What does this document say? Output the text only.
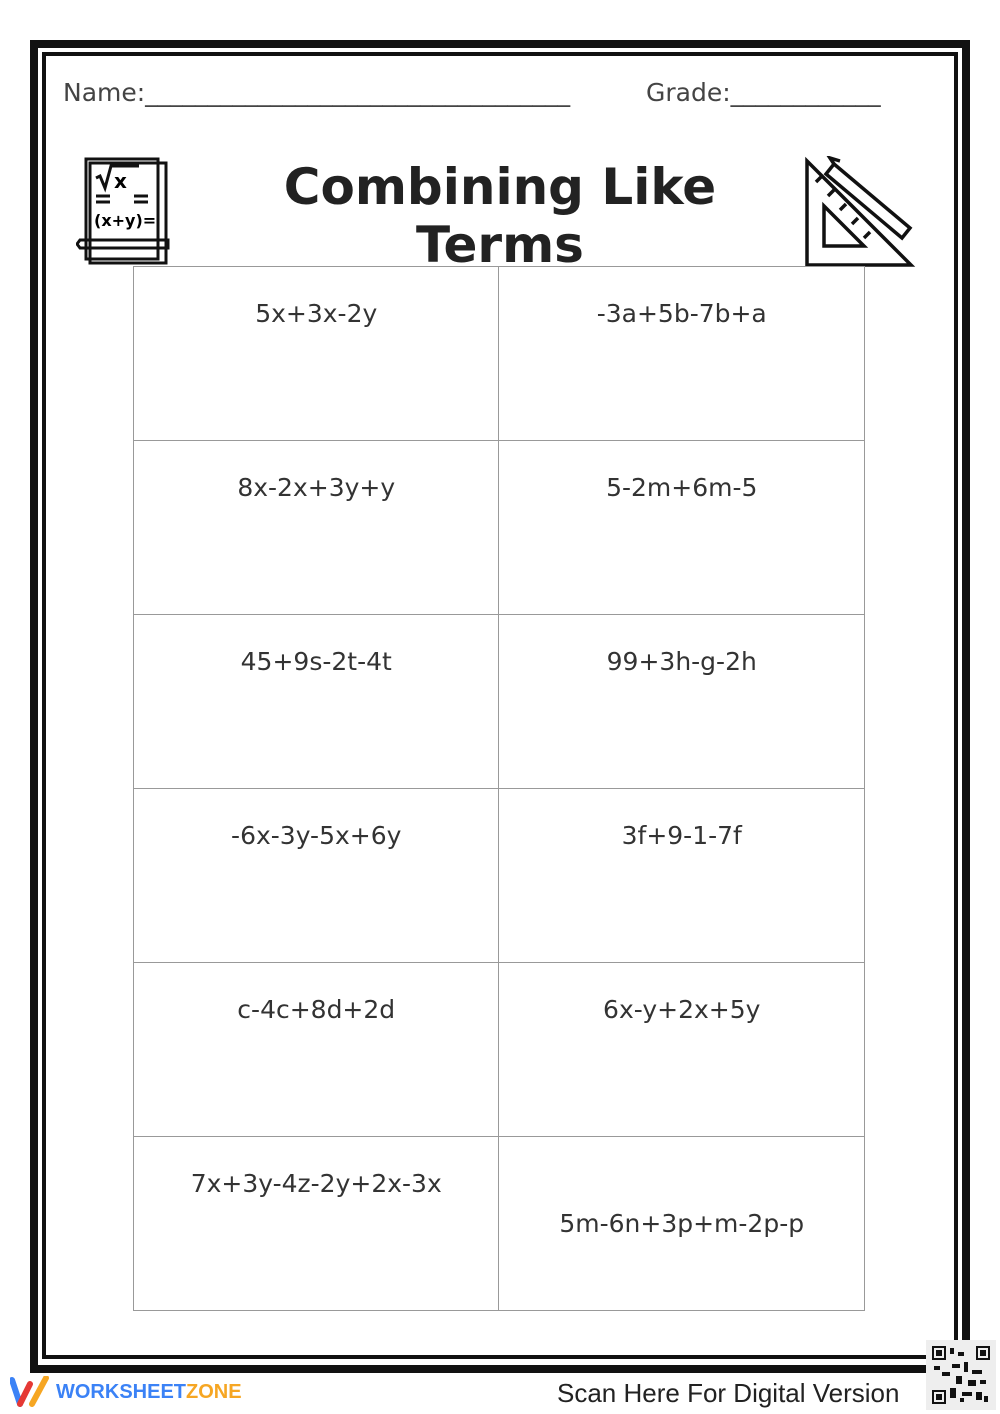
Name:__________________________________	Grade:____________
(x+y)=
x	Combining Like Terms
5x+3x-2y	-3a+5b-7b+a
8x-2x+3y+y	5-2m+6m-5
45+9s-2t-4t	99+3h-g-2h
-6x-3y-5x+6y	3f+9-1-7f
c-4c+8d+2d	6x-y+2x+5y
7x+3y-4z-2y+2x-3x	5m-6n+3p+m-2p-p
WORKSHEETZONE	Scan Here For Digital Version
